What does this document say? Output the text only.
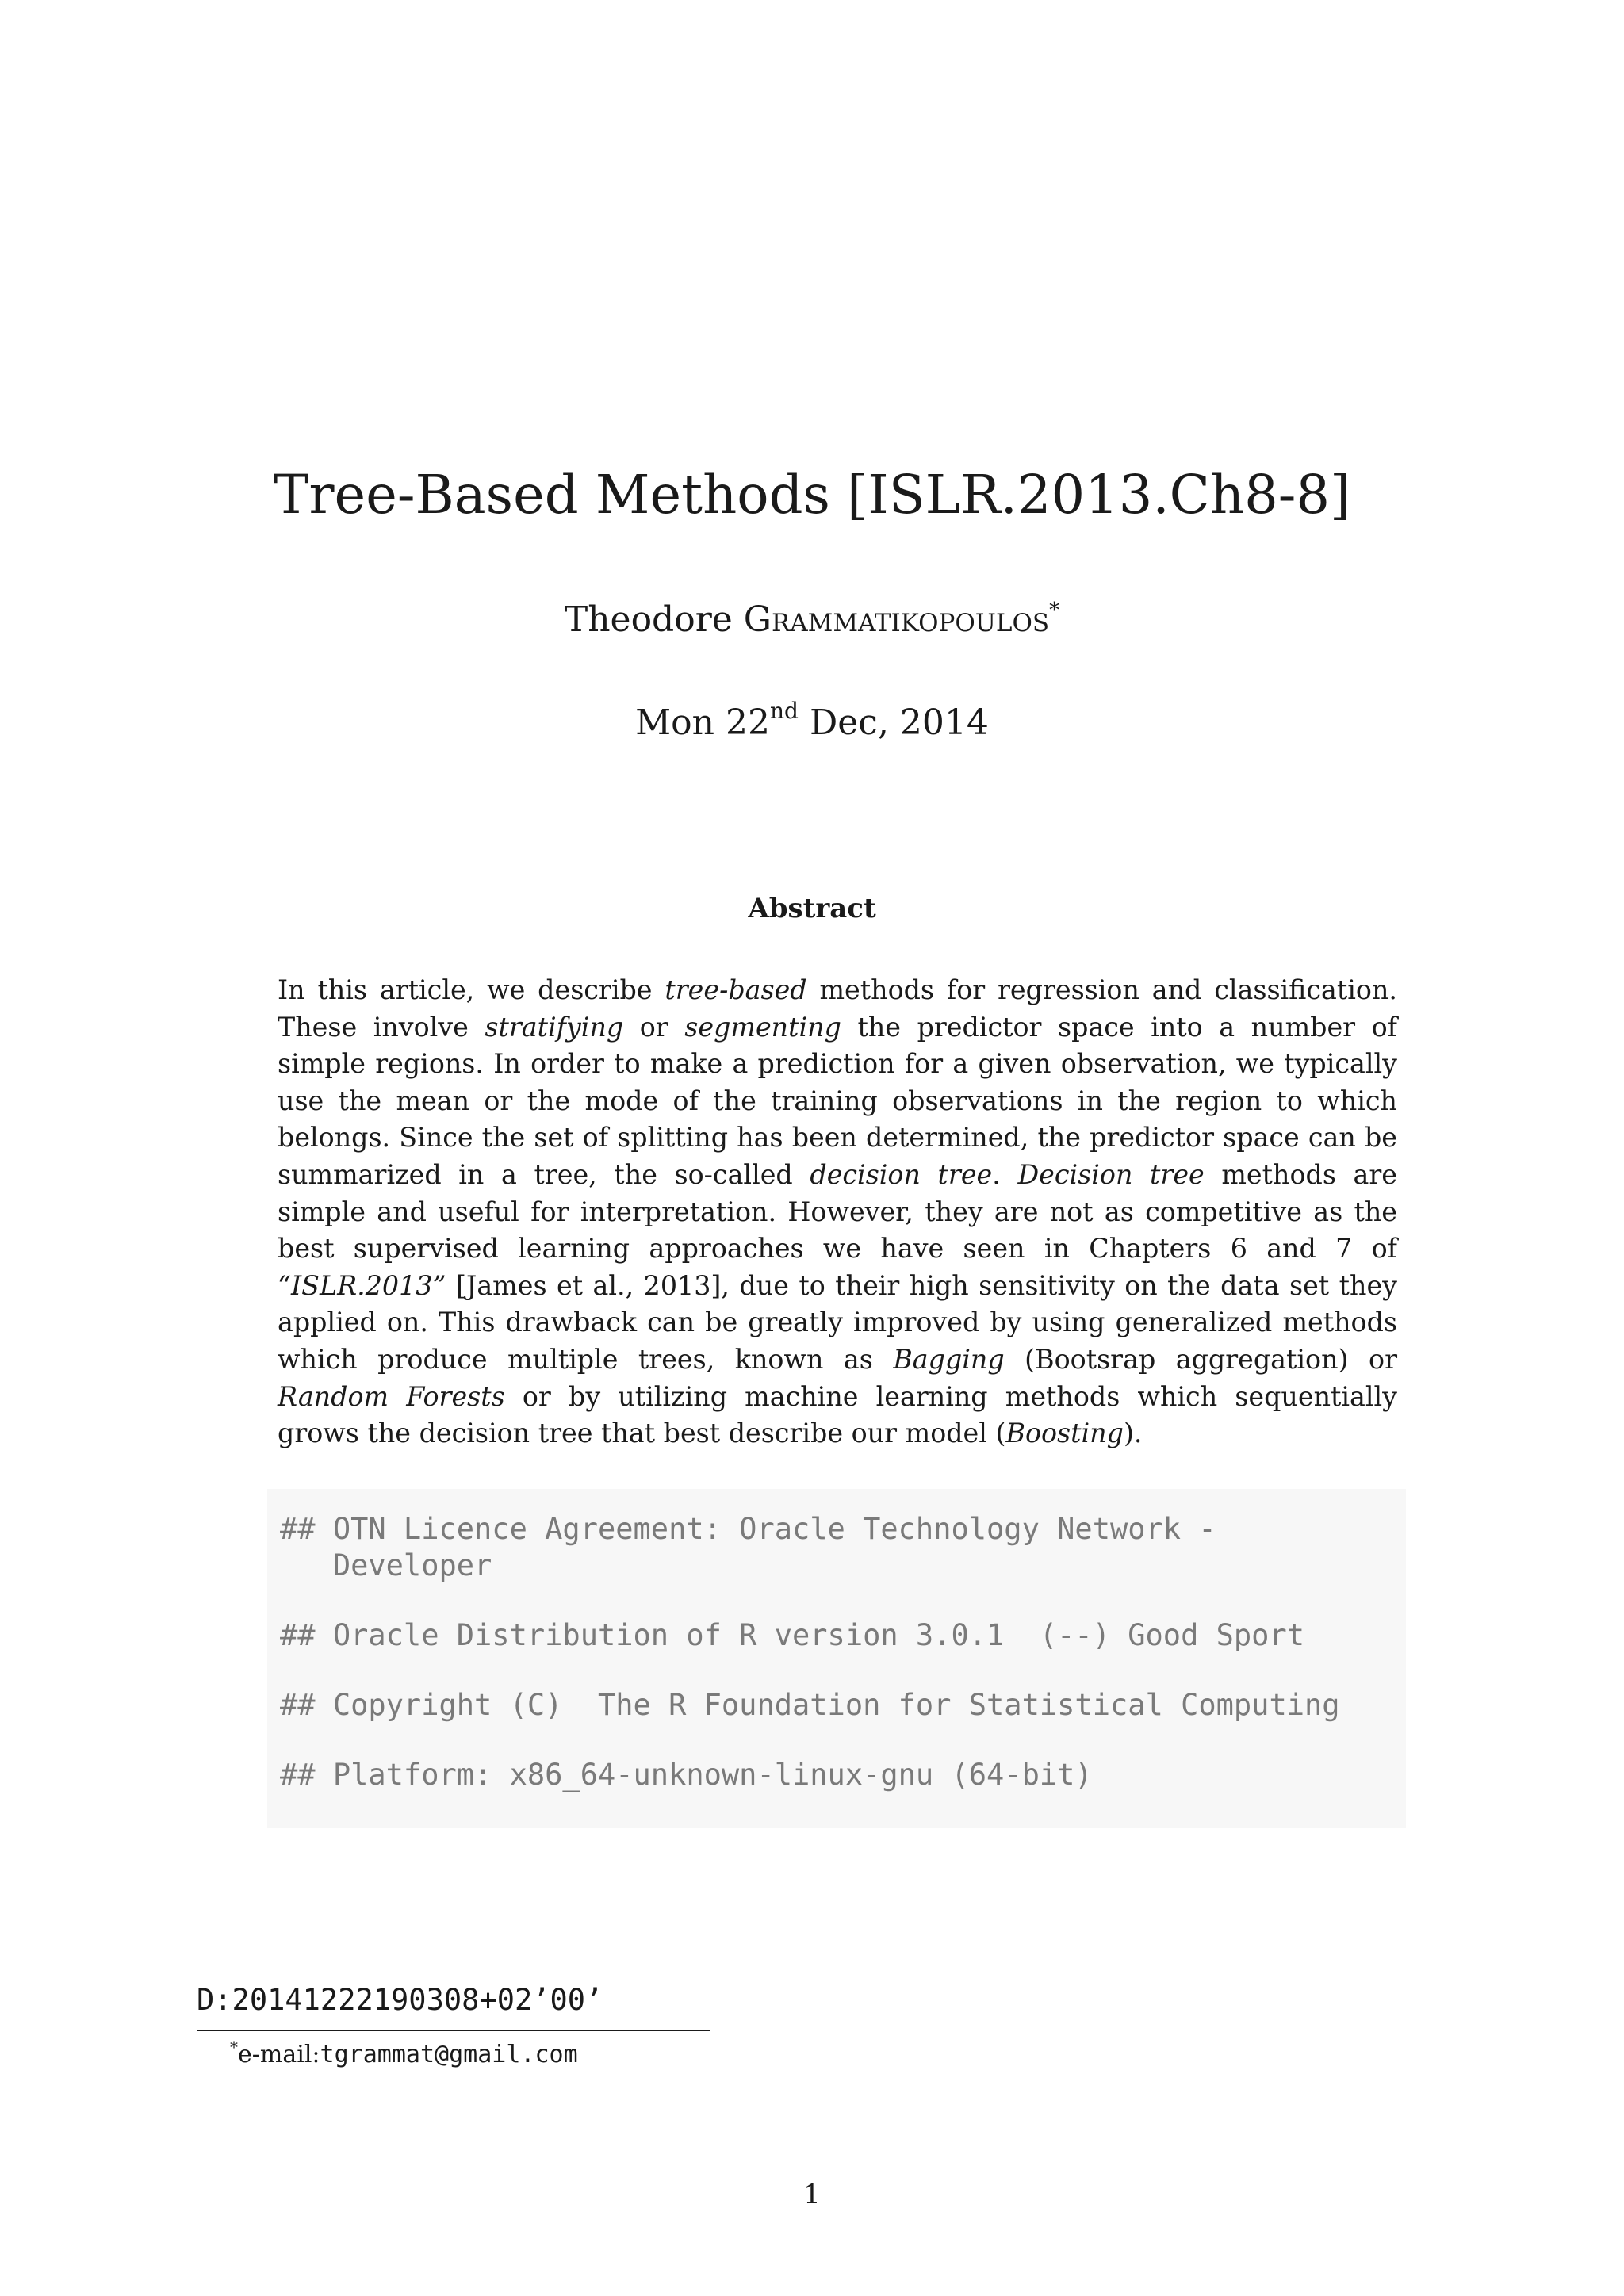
Tree-Based Methods [ISLR.2013.Ch8-8]
Theodore Grammatikopoulos*
Mon 22nd Dec, 2014
Abstract

In this article, we describe tree-based methods for regression and classification. These involve stratifying or segmenting the predictor space into a number of simple regions. In order to make a prediction for a given observation, we typically use the mean or the mode of the training observations in the region to which belongs. Since the set of splitting has been determined, the predictor space can be summarized in a tree, the so-called decision tree. Decision tree methods are simple and useful for interpretation. However, they are not as competitive as the best supervised learning approaches we have seen in Chapters 6 and 7 of “ISLR.2013” [James et al., 2013], due to their high sensitivity on the data set they applied on. This drawback can be greatly improved by using generalized methods which produce multiple trees, known as Bagging (Bootsrap aggregation) or Random Forests or by utilizing machine learning methods which sequentially grows the decision tree that best describe our model (Boosting).

## OTN Licence Agreement: Oracle Technology Network -
Developer
## Oracle Distribution of R version 3.0.1  (--) Good Sport
## Copyright (C)  The R Foundation for Statistical Computing
## Platform: x86_64-unknown-linux-gnu (64-bit)
D:20141222190308+02’00’
*e-mail:tgrammat@gmail.com
1
